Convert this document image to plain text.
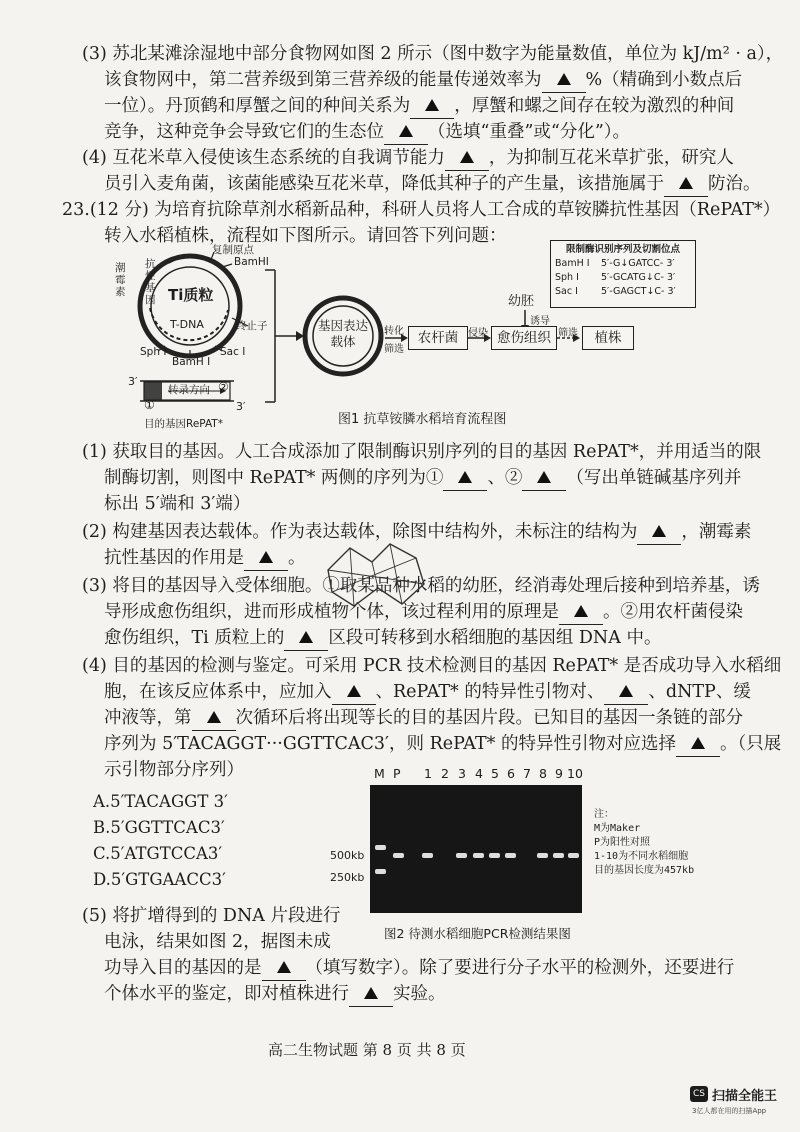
(3) 苏北某滩涂湿地中部分食物网如图 2 所示（图中数字为能量数值，单位为 kJ/m² · a），
该食物网中，第二营养级到第三营养级的能量传递效率为	%（精确到小数点后
一位）。丹顶鹤和厚蟹之间的种间关系为	，厚蟹和螺之间存在较为激烈的种间
竞争，这种竞争会导致它们的生态位	（选填“重叠”或“分化”）。
(4) 互花米草入侵使该生态系统的自我调节能力	，为抑制互花米草扩张，研究人
员引入麦角菌，该菌能感染互花米草，降低其种子的产生量，该措施属于	防治。
23.(12 分) 为培育抗除草剂水稻新品种，科研人员将人工合成的草铵膦抗性基因（RePAT*）
转入水稻植株，流程如下图所示。请回答下列问题：
复制原点
抗性基因
潮霉素
BamHI
Ti质粒
T-DNA	终止子
Sph I
BamH I
Sac I
3′
转录方向
①
②
3′
目的基因RePAT*
基因表达载体
转化
筛选
农杆菌 侵染 愈伤组织 筛选	植株
幼胚
诱导
限制酶识别序列及切割位点
BamH I 5′-G↓GATCC- 3′
Sph I 5′-GCATG↓C- 3′
Sac I 5′-GAGCT↓C- 3′
图1 抗草铵膦水稻培育流程图
(1) 获取目的基因。人工合成添加了限制酶识别序列的目的基因 RePAT*，并用适当的限
制酶切割，则图中 RePAT* 两侧的序列为①	、②	（写出单链碱基序列并
标出 5′端和 3′端）
(2) 构建基因表达载体。作为表达载体，除图中结构外，未标注的结构为	，潮霉素
抗性基因的作用是	。
(3) 将目的基因导入受体细胞。①取某品种水稻的幼胚，经消毒处理后接种到培养基，诱
导形成愈伤组织，进而形成植物个体，该过程利用的原理是	。②用农杆菌侵染
愈伤组织，Ti 质粒上的	区段可转移到水稻细胞的基因组 DNA 中。
(4) 目的基因的检测与鉴定。可采用 PCR 技术检测目的基因 RePAT* 是否成功导入水稻细
胞，在该反应体系中，应加入	、RePAT* 的特异性引物对、	、dNTP、缓
冲液等，第	次循环后将出现等长的目的基因片段。已知目的基因一条链的部分
序列为 5′TACAGGT···GGTTCAC3′，则 RePAT* 的特异性引物对应选择	。（只展
示引物部分序列）
A.5′TACAGGT 3′
B.5′GGTTCAC3′
C.5′ATGTCCA3′
D.5′GTGAACC3′
M P 1 2 3 4 5 6 7 8 9 10
500kb
250kb
注：
M为Maker
P为阳性对照
1-10为不同水稻细胞
目的基因长度为457kb
图2 待测水稻细胞PCR检测结果图
(5) 将扩增得到的 DNA 片段进行
电泳，结果如图 2，据图未成
功导入目的基因的是	（填写数字）。除了要进行分子水平的检测外，还要进行
个体水平的鉴定，即对植株进行	实验。
高二生物试题 第 8 页 共 8 页
CS 扫描全能王
3亿人都在用的扫描App
